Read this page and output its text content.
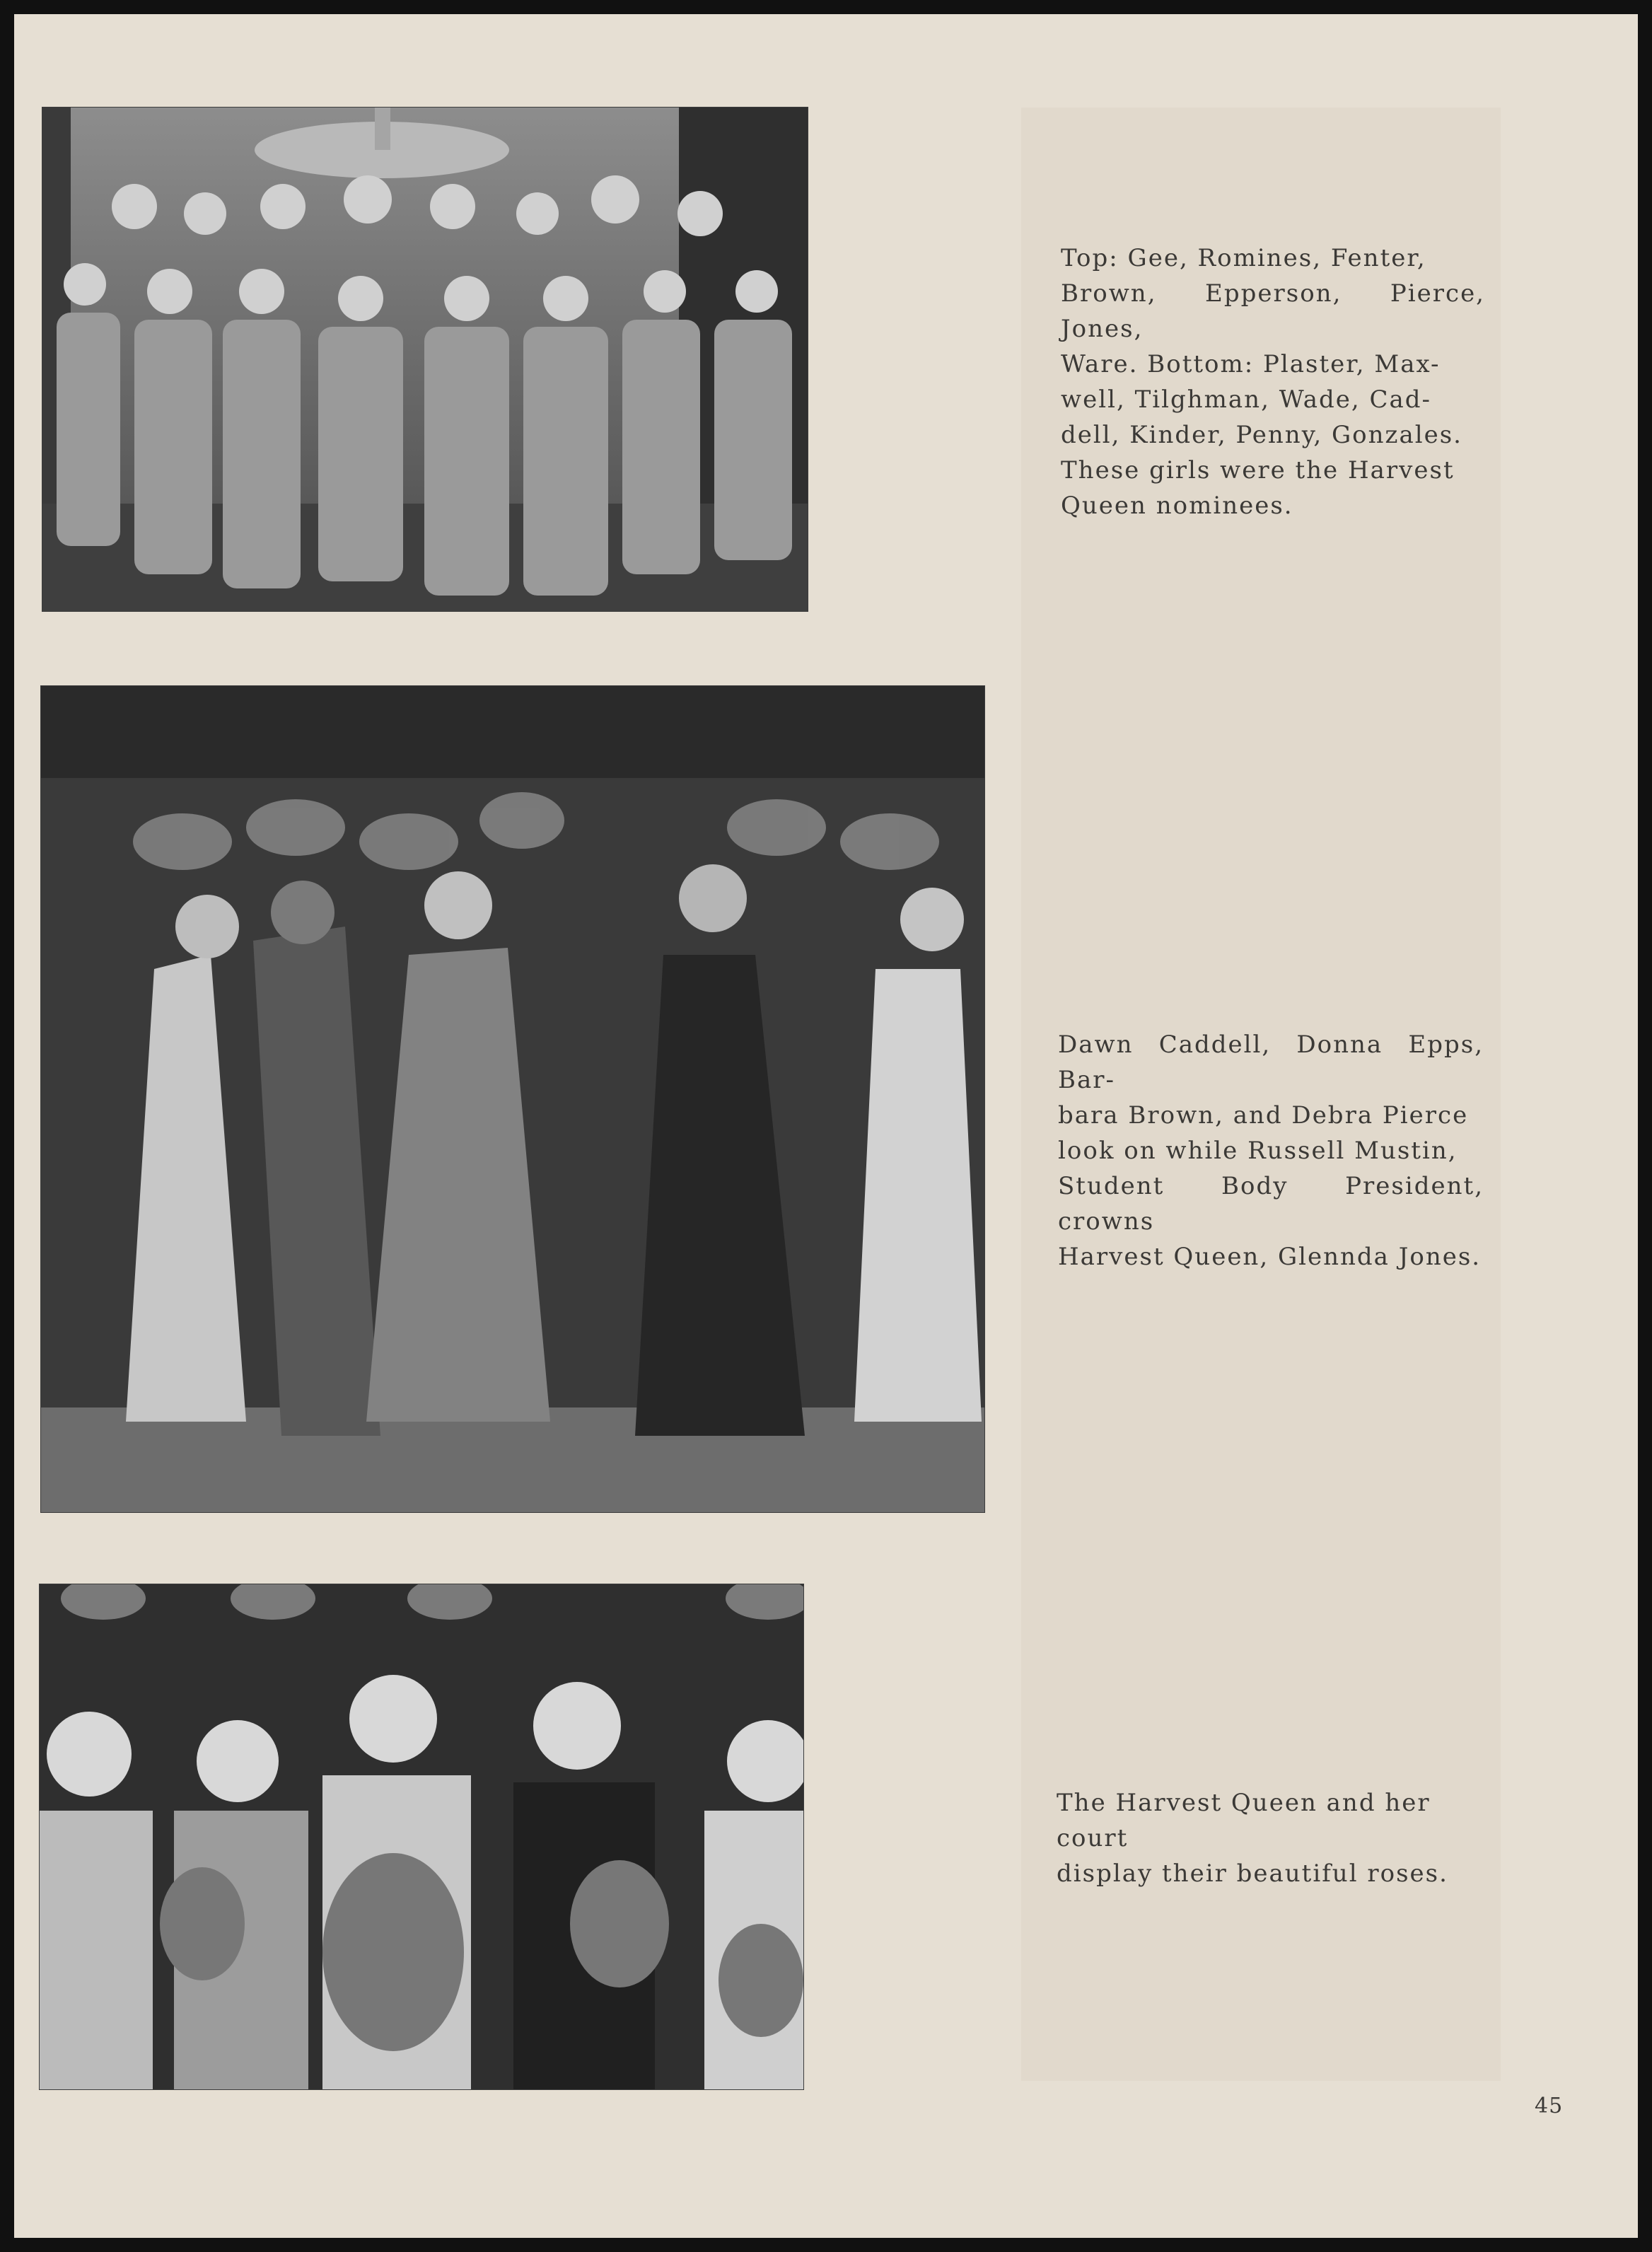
Top: Gee, Romines, Fenter,
Brown, Epperson, Pierce, Jones,
Ware. Bottom: Plaster, Max-
well, Tilghman, Wade, Cad-
dell, Kinder, Penny, Gonzales.
These girls were the Harvest
Queen nominees.

Dawn Caddell, Donna Epps, Bar-
bara Brown, and Debra Pierce
look on while Russell Mustin,
Student Body President, crowns
Harvest Queen, Glennda Jones.

The Harvest Queen and her court
display their beautiful roses.

45
